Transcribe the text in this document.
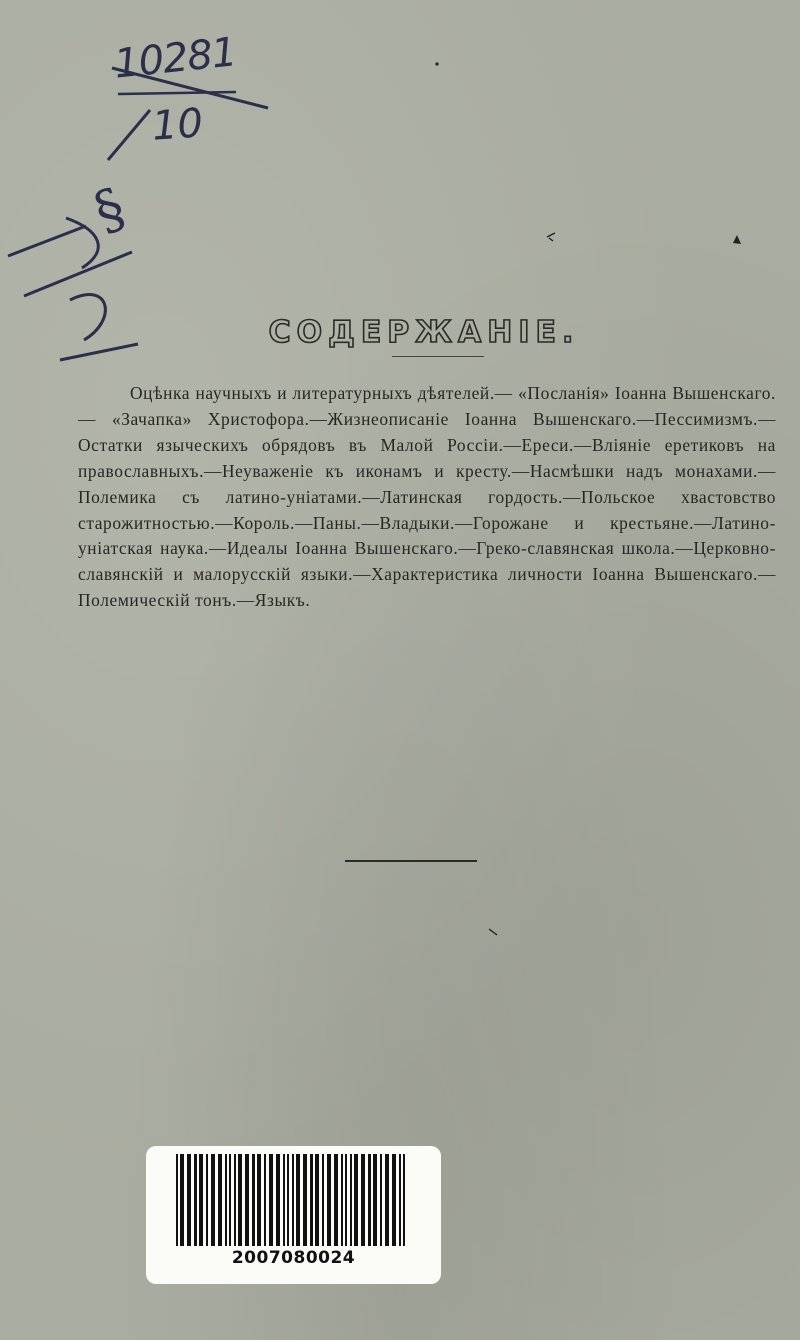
10281
10
§
СОДЕРЖАНІЕ.
Оцѣнка научныхъ и литературныхъ дѣятелей.— «Посланія» Іоанна Вышенскаго.— «Зачапка» Христофора.—Жизнеописаніе Іоанна Вышенскаго.—Пессимизмъ.—Остатки языческихъ обрядовъ въ Малой Россіи.—Ереси.—Вліяніе еретиковъ на православныхъ.—Неуваженіе къ иконамъ и кресту.—Насмѣшки надъ монахами.—Полемика съ латино-уніатами.—Латинская гордость.—Польское хвастовство старожитностью.—Король.—Паны.—Владыки.—Горожане и крестьяне.—Латино-уніатская наука.—Идеалы Іоанна Вышенскаго.—Греко-славянская школа.—Церковно-славянскій и малорусскій языки.—Характеристика личности Іоанна Вышенскаго.—Полемическій тонъ.—Языкъ.
2007080024
